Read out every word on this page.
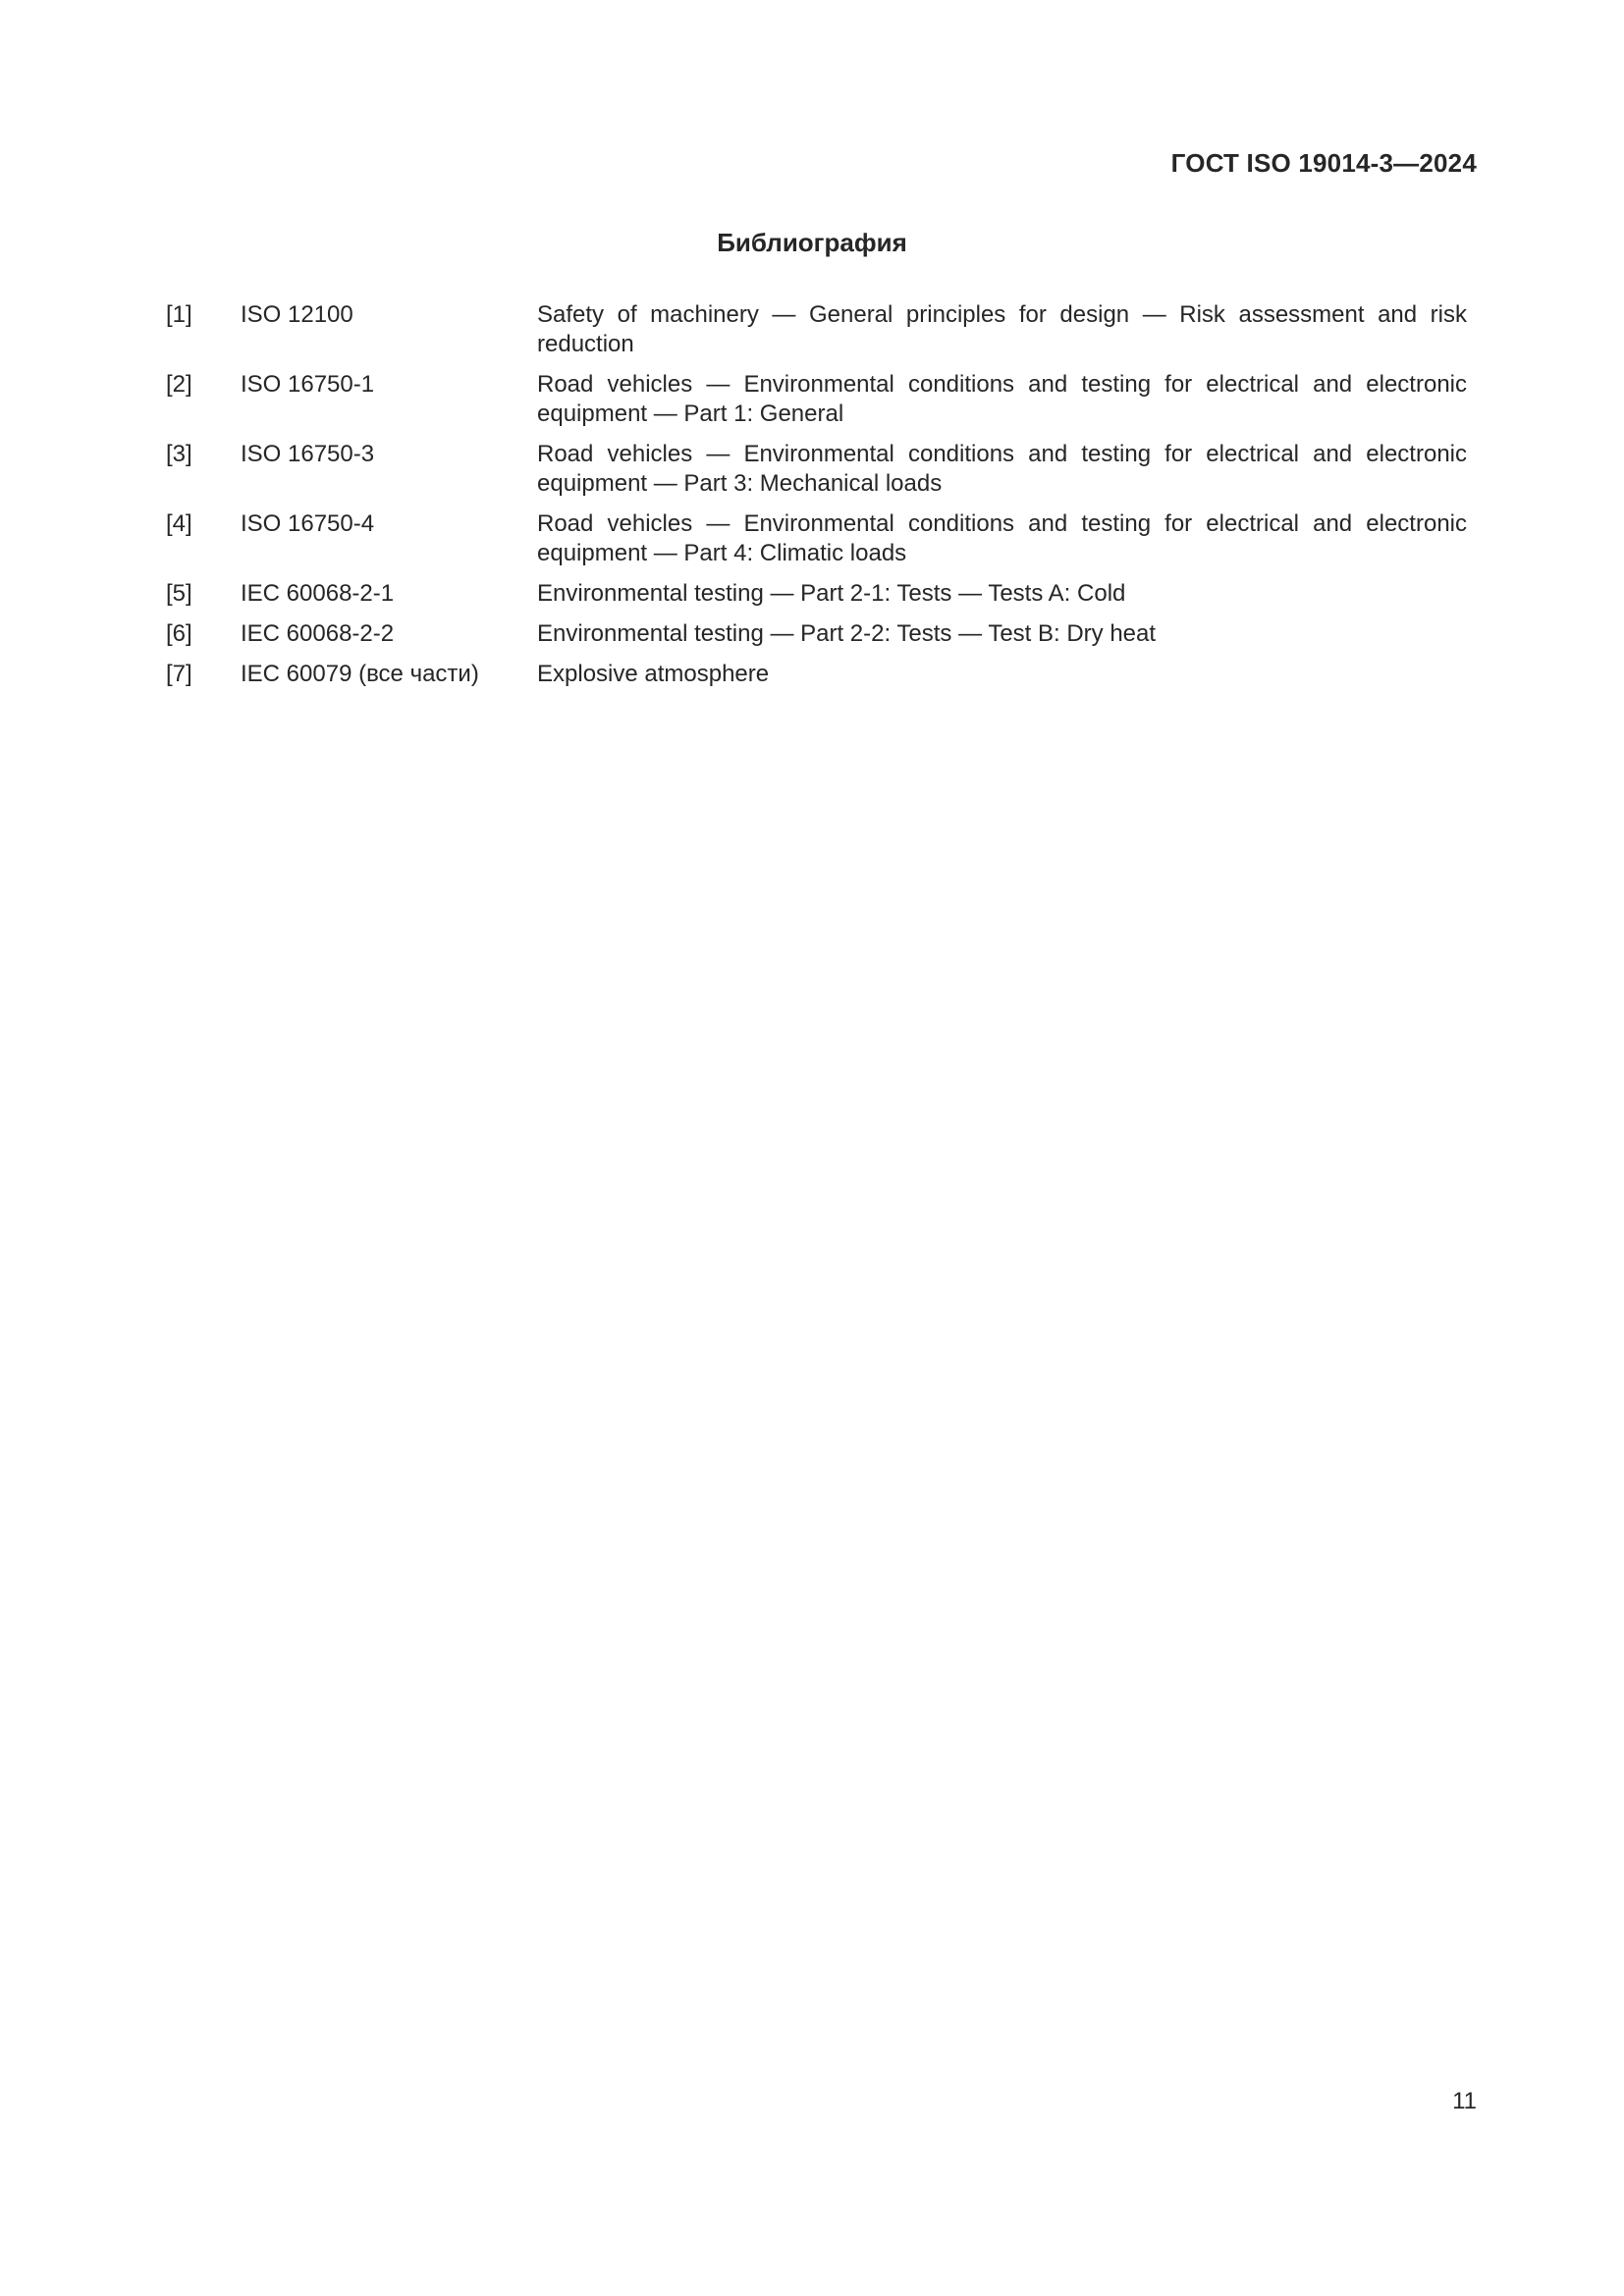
ГОСТ ISO 19014-3—2024
Библиография
[1]	ISO 12100	Safety of machinery — General principles for design — Risk assessment and risk reduction
[2]	ISO 16750-1	Road vehicles — Environmental conditions and testing for electrical and electronic equipment — Part 1: General
[3]	ISO 16750-3	Road vehicles — Environmental conditions and testing for electrical and electronic equipment — Part 3: Mechanical loads
[4]	ISO 16750-4	Road vehicles — Environmental conditions and testing for electrical and electronic equipment — Part 4: Climatic loads
[5]	IEC 60068-2-1	Environmental testing — Part 2-1: Tests — Tests A: Cold
[6]	IEC 60068-2-2	Environmental testing — Part 2-2: Tests — Test B: Dry heat
[7]	IEC 60079 (все части)	Explosive atmosphere
11
